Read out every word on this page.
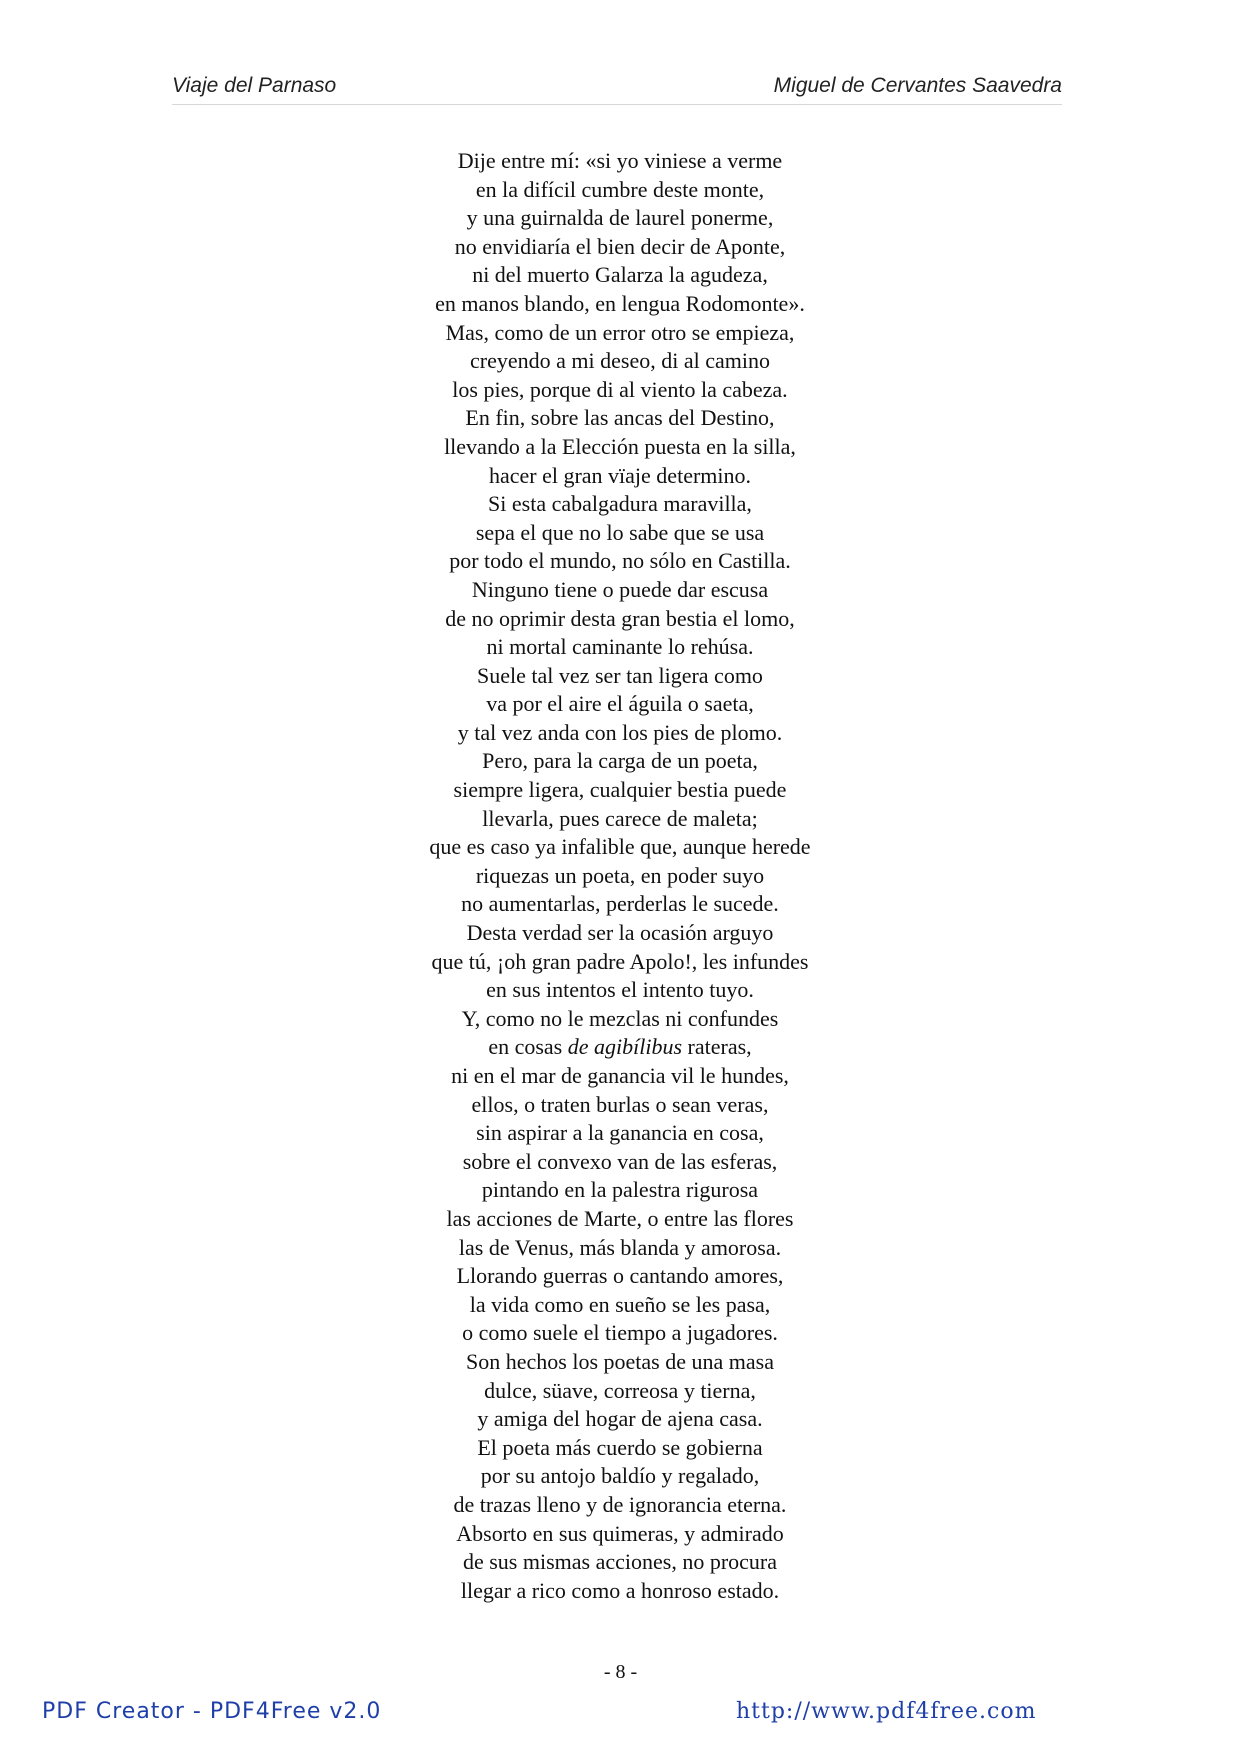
Viaje del Parnaso	Miguel de Cervantes Saavedra
Dije entre mí: «si yo viniese a verme
en la difícil cumbre deste monte,
y una guirnalda de laurel ponerme,
no envidiaría el bien decir de Aponte,
ni del muerto Galarza la agudeza,
en manos blando, en lengua Rodomonte».
Mas, como de un error otro se empieza,
creyendo a mi deseo, di al camino
los pies, porque di al viento la cabeza.
En fin, sobre las ancas del Destino,
llevando a la Elección puesta en la silla,
hacer el gran vïaje determino.
Si esta cabalgadura maravilla,
sepa el que no lo sabe que se usa
por todo el mundo, no sólo en Castilla.
Ninguno tiene o puede dar escusa
de no oprimir desta gran bestia el lomo,
ni mortal caminante lo rehúsa.
Suele tal vez ser tan ligera como
va por el aire el águila o saeta,
y tal vez anda con los pies de plomo.
Pero, para la carga de un poeta,
siempre ligera, cualquier bestia puede
llevarla, pues carece de maleta;
que es caso ya infalible que, aunque herede
riquezas un poeta, en poder suyo
no aumentarlas, perderlas le sucede.
Desta verdad ser la ocasión arguyo
que tú, ¡oh gran padre Apolo!, les infundes
en sus intentos el intento tuyo.
Y, como no le mezclas ni confundes
en cosas de agibílibus rateras,
ni en el mar de ganancia vil le hundes,
ellos, o traten burlas o sean veras,
sin aspirar a la ganancia en cosa,
sobre el convexo van de las esferas,
pintando en la palestra rigurosa
las acciones de Marte, o entre las flores
las de Venus, más blanda y amorosa.
Llorando guerras o cantando amores,
la vida como en sueño se les pasa,
o como suele el tiempo a jugadores.
Son hechos los poetas de una masa
dulce, süave, correosa y tierna,
y amiga del hogar de ajena casa.
El poeta más cuerdo se gobierna
por su antojo baldío y regalado,
de trazas lleno y de ignorancia eterna.
Absorto en sus quimeras, y admirado
de sus mismas acciones, no procura
llegar a rico como a honroso estado.
- 8 -
PDF Creator - PDF4Free v2.0	http://www.pdf4free.com
